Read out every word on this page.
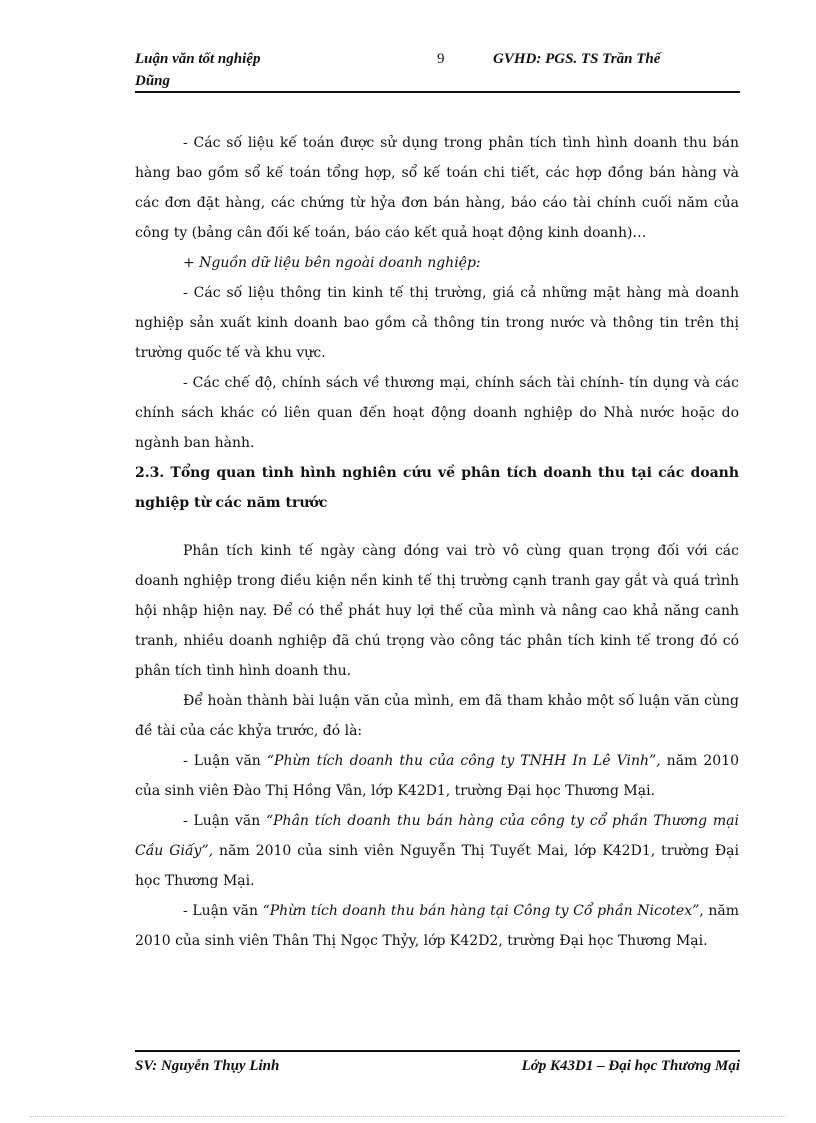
Luận văn tốt nghiệp
Dũng
9	GVHD: PGS. TS Trần Thế

- Các số liệu kế toán được sử dụng trong phân tích tình hình doanh thu bán hàng bao gồm sổ kế toán tổng hợp, sổ kế toán chi tiết, các hợp đồng bán hàng và các đơn đặt hàng, các chứng từ hỷa đơn bán hàng, báo cáo tài chính cuối năm của công ty (bảng cân đối kế toán, báo cáo kết quả hoạt động kinh doanh)…

+ Nguồn dữ liệu bên ngoài doanh nghiệp:

- Các số liệu thông tin kinh tế thị trường, giá cả những mặt hàng mà doanh nghiệp sản xuất kinh doanh bao gồm cả thông tin trong nước và thông tin trên thị trường quốc tế và khu vực.

- Các chế độ, chính sách về thương mại, chính sách tài chính- tín dụng và các chính sách khác có liên quan đến hoạt động doanh nghiệp do Nhà nước hoặc do ngành ban hành.

2.3. Tổng quan tình hình nghiên cứu về phân tích doanh thu tại các doanh nghiệp từ các năm trước

Phân tích kinh tế ngày càng đóng vai trò vô cùng quan trọng đối với các doanh nghiệp trong điều kiện nền kinh tế thị trường cạnh tranh gay gắt và quá trình hội nhập hiện nay. Để có thể phát huy lợi thế của mình và nâng cao khả năng canh tranh, nhiều doanh nghiệp đã chú trọng vào công tác phân tích kinh tế trong đó có phân tích tình hình doanh thu.

Để hoàn thành bài luận văn của mình, em đã tham khảo một số luận văn cùng đề tài của các khỷa trước, đó là:

- Luận văn “Phừn tích doanh thu của công ty TNHH In Lê Vinh”, năm 2010 của sinh viên Đào Thị Hồng Vân, lớp K42D1, trường Đại học Thương Mại.

- Luận văn “Phân tích doanh thu bán hàng của công ty cổ phần Thương mại Cầu Giấy”, năm 2010 của sinh viên Nguyễn Thị Tuyết Mai, lớp K42D1, trường Đại học Thương Mại.

- Luận văn “Phừn tích doanh thu bán hàng tại Công ty Cổ phần Nicotex”, năm 2010 của sinh viên Thân Thị Ngọc Thỷy, lớp K42D2, trường Đại học Thương Mại.

SV: Nguyễn Thụy Linh	Lớp K43D1 – Đại học Thương Mại
